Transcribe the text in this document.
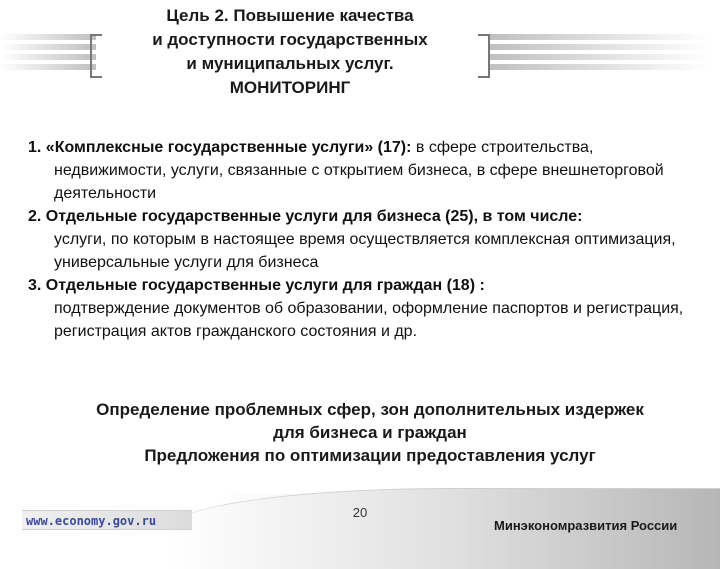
Цель 2. Повышение качества
и доступности государственных
и муниципальных услуг.
МОНИТОРИНГ
1. «Комплексные государственные услуги» (17): в сфере строительства,
недвижимости, услуги, связанные с открытием бизнеса, в сфере внешнеторговой деятельности
2. Отдельные государственные услуги для бизнеса (25), в том числе:
услуги, по которым в настоящее время осуществляется комплексная оптимизация, универсальные услуги для бизнеса
3. Отдельные государственные услуги для граждан (18) :
подтверждение документов об образовании, оформление паспортов и регистрация, регистрация актов гражданского состояния и др.
Определение проблемных сфер, зон дополнительных издержек
для бизнеса и граждан
Предложения по оптимизации предоставления услуг
www.economy.gov.ru
20
Минэкономразвития России
